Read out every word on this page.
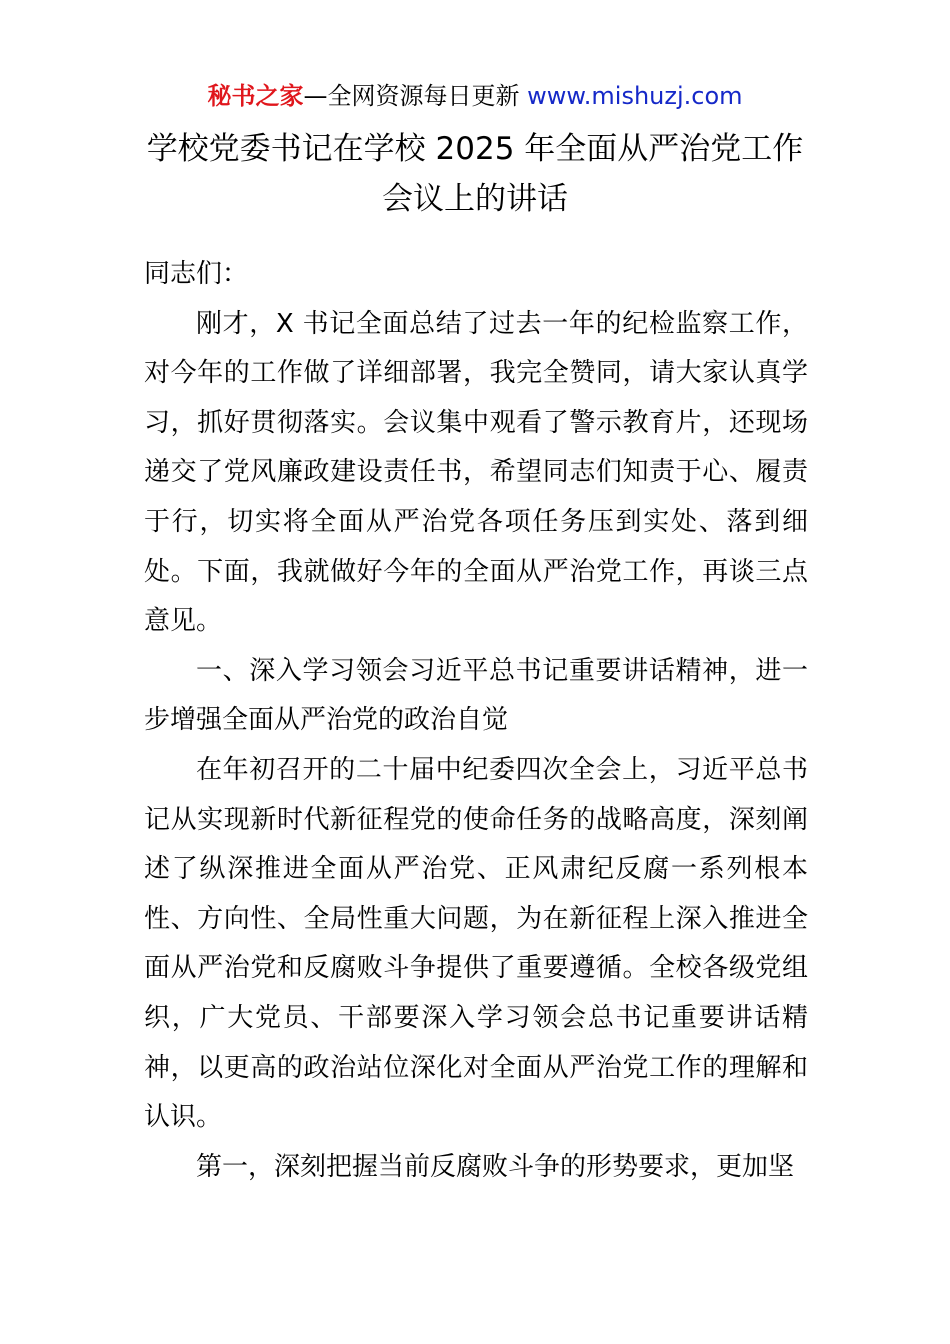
秘书之家—全网资源每日更新 www.mishuzj.com
学校党委书记在学校 2025 年全面从严治党工作
会议上的讲话

同志们：

刚才，X 书记全面总结了过去一年的纪检监察工作，对今年的工作做了详细部署，我完全赞同，请大家认真学习，抓好贯彻落实。会议集中观看了警示教育片，还现场递交了党风廉政建设责任书，希望同志们知责于心、履责于行，切实将全面从严治党各项任务压到实处、落到细处。下面，我就做好今年的全面从严治党工作，再谈三点意见。

一、深入学习领会习近平总书记重要讲话精神，进一步增强全面从严治党的政治自觉

在年初召开的二十届中纪委四次全会上，习近平总书记从实现新时代新征程党的使命任务的战略高度，深刻阐述了纵深推进全面从严治党、正风肃纪反腐一系列根本性、方向性、全局性重大问题，为在新征程上深入推进全面从严治党和反腐败斗争提供了重要遵循。全校各级党组织，广大党员、干部要深入学习领会总书记重要讲话精神，以更高的政治站位深化对全面从严治党工作的理解和认识。

第一，深刻把握当前反腐败斗争的形势要求，更加坚
